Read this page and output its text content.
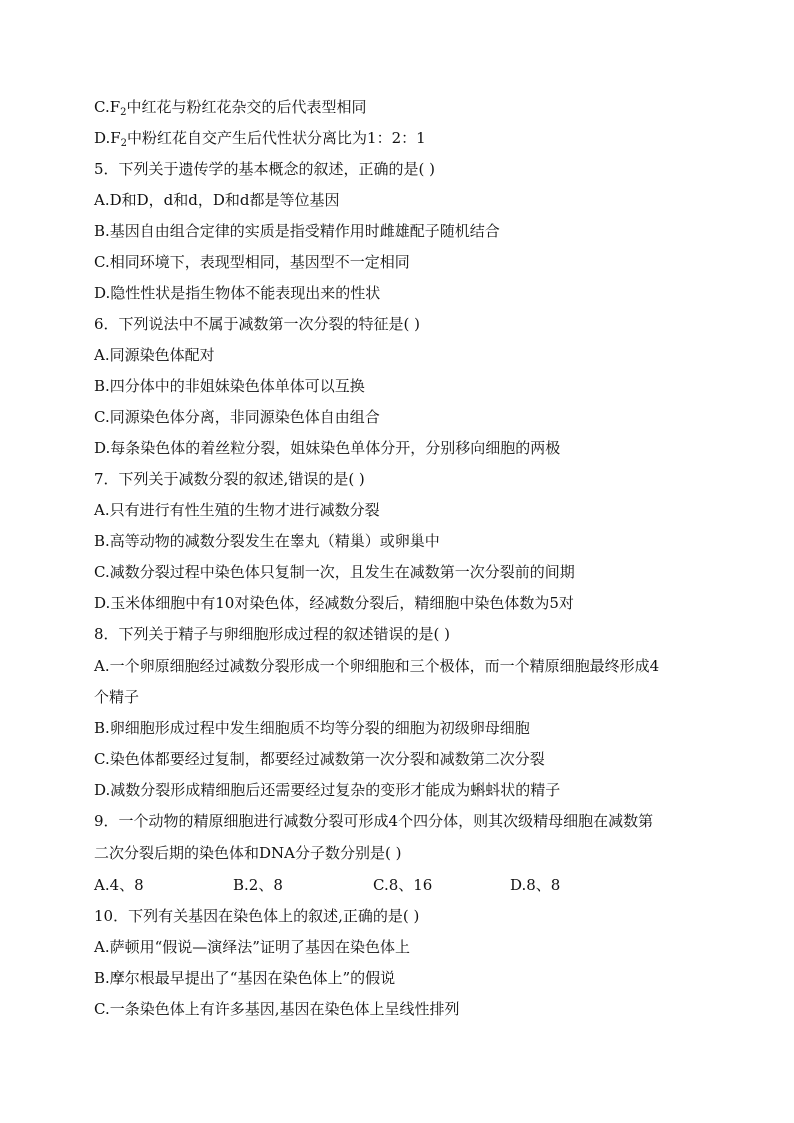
$C.F_2$中红花与粉红花杂交的后代表型相同
$D.F_2$中粉红花自交产生后代性状分离比为1：2：1
5．下列关于遗传学的基本概念的叙述，正确的是( )
A.D和D，d和d，D和d都是等位基因
B.基因自由组合定律的实质是指受精作用时雌雄配子随机结合
C.相同环境下，表现型相同，基因型不一定相同
D.隐性性状是指生物体不能表现出来的性状
6．下列说法中不属于减数第一次分裂的特征是( )
A.同源染色体配对
B.四分体中的非姐妹染色体单体可以互换
C.同源染色体分离，非同源染色体自由组合
D.每条染色体的着丝粒分裂，姐妹染色单体分开，分别移向细胞的两极
7．下列关于减数分裂的叙述,错误的是( )
A.只有进行有性生殖的生物才进行减数分裂
B.高等动物的减数分裂发生在睾丸（精巢）或卵巢中
C.减数分裂过程中染色体只复制一次，且发生在减数第一次分裂前的间期
D.玉米体细胞中有10对染色体，经减数分裂后，精细胞中染色体数为5对
8．下列关于精子与卵细胞形成过程的叙述错误的是( )
A.一个卵原细胞经过减数分裂形成一个卵细胞和三个极体，而一个精原细胞最终形成4
个精子
B.卵细胞形成过程中发生细胞质不均等分裂的细胞为初级卵母细胞
C.染色体都要经过复制，都要经过减数第一次分裂和减数第二次分裂
D.减数分裂形成精细胞后还需要经过复杂的变形才能成为蝌蚪状的精子
9．一个动物的精原细胞进行减数分裂可形成4个四分体，则其次级精母细胞在减数第
二次分裂后期的染色体和DNA分子数分别是( )
A.4、8	B.2、8	C.8、16	D.8、8
10．下列有关基因在染色体上的叙述,正确的是( )
A.萨顿用“假说—演绎法”证明了基因在染色体上
B.摩尔根最早提出了“基因在染色体上”的假说
C.一条染色体上有许多基因,基因在染色体上呈线性排列
